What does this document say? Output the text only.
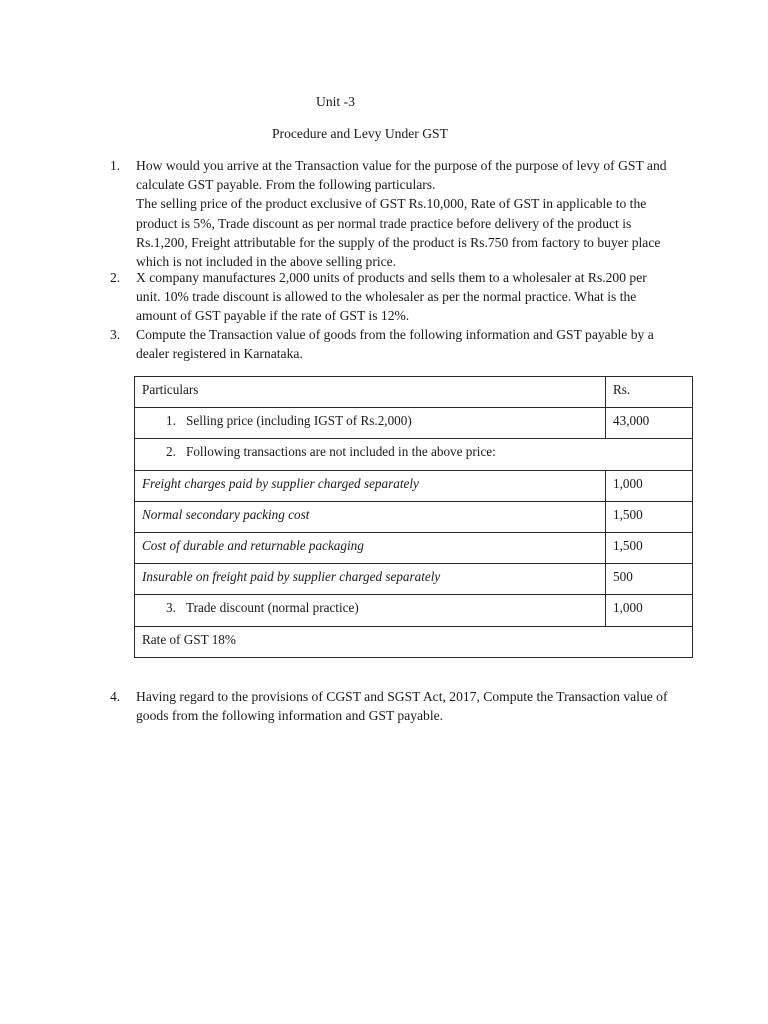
Unit -3
Procedure and Levy Under GST
1.	How would you arrive at the Transaction value for the purpose of the purpose of levy of GST and

calculate GST payable. From the following particulars.

The selling price of the product exclusive of GST Rs.10,000, Rate of GST in applicable to the

product is 5%, Trade discount as per normal trade practice before delivery of the product is

Rs.1,200, Freight attributable for the supply of the product is Rs.750 from factory to buyer place

which is not included in the above selling price.

2.	X company manufactures 2,000 units of products and sells them to a wholesaler at Rs.200 per

unit. 10% trade discount is allowed to the wholesaler as per the normal practice. What is the

amount of GST payable if the rate of GST is 12%.

3.	Compute the Transaction value of goods from the following information and GST payable by a

dealer registered in Karnataka.

Particulars	Rs.
1. Selling price (including IGST of Rs.2,000)	43,000
2. Following transactions are not included in the above price:	
Freight charges paid by supplier charged separately	1,000
Normal secondary packing cost	1,500
Cost of durable and returnable packaging	1,500
Insurable on freight paid by supplier charged separately	500
3. Trade discount (normal practice)	1,000
Rate of GST 18%	
4.	Having regard to the provisions of CGST and SGST Act, 2017, Compute the Transaction value of

goods from the following information and GST payable.
